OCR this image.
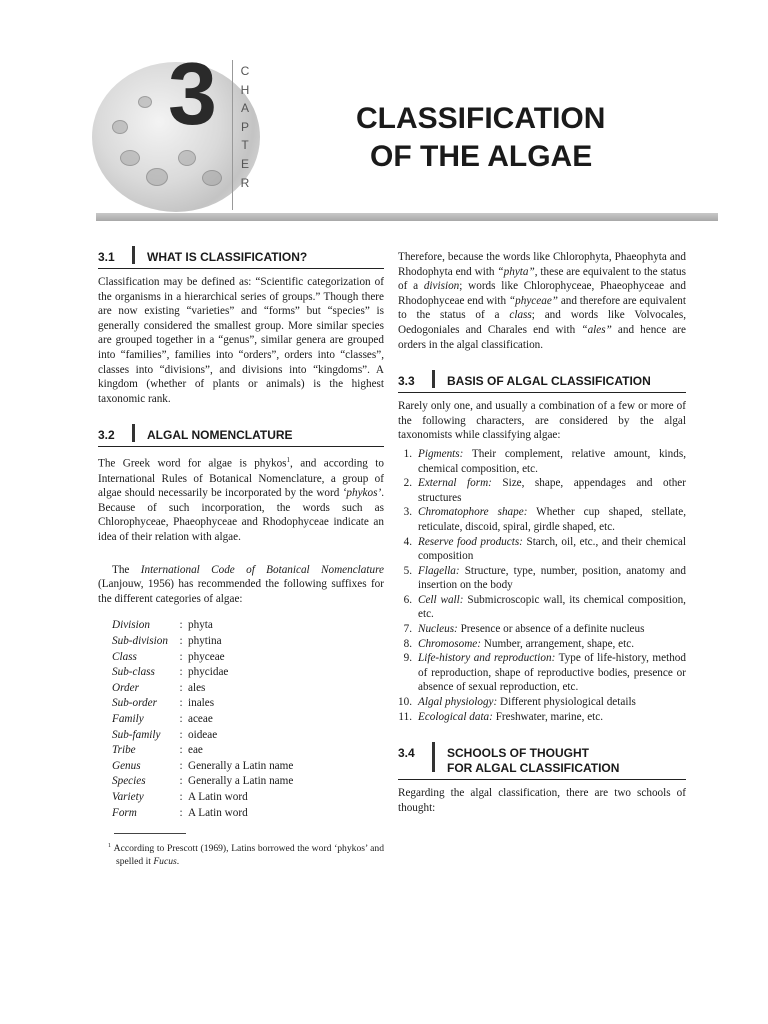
3 C
H
A
P
T
E
R
CLASSIFICATION
OF THE ALGAE
3.1	WHAT IS CLASSIFICATION?

Classification may be defined as: “Scientific categorization of the organisms in a hierarchical series of groups.” Though there are now existing “varieties” and “forms” but “species” is generally considered the smallest group. More similar species are grouped together in a “genus”, similar genera are grouped into “families”, families into “orders”, orders into “classes”, classes into “divisions”, and divisions into “kingdoms”. A kingdom (whether of plants or animals) is the highest taxonomic rank.

3.2	ALGAL NOMENCLATURE

The Greek word for algae is phykos$^1$, and according to International Rules of Botanical Nomenclature, a group of algae should necessarily be incorporated by the word ‘phykos’. Because of such incorporation, the words such as Chlorophyceae, Phaeophyceae and Rhodophyceae indicate an idea of their relation with algae.

The International Code of Botanical Nomenclature (Lanjouw, 1956) has recommended the following suffixes for the different categories of algae:

Division	:	phyta
Sub-division	:	phytina
Class	:	phyceae
Sub-class	:	phycidae
Order	:	ales
Sub-order	:	inales
Family	:	aceae
Sub-family	:	oideae
Tribe	:	eae
Genus	:	Generally a Latin name
Species	:	Generally a Latin name
Variety	:	A Latin word
Form	:	A Latin word

$^1$ According to Prescott (1969), Latins borrowed the word ‘phykos’ and spelled it Fucus.

Therefore, because the words like Chlorophyta, Phaeophyta and Rhodophyta end with “phyta”, these are equivalent to the status of a division; words like Chlorophyceae, Phaeophyceae and Rhodophyceae end with “phyceae” and therefore are equivalent to the status of a class; and words like Volvocales, Oedogoniales and Charales end with “ales” and hence are orders in the algal classification.

3.3	BASIS OF ALGAL CLASSIFICATION

Rarely only one, and usually a combination of a few or more of the following characters, are considered by the algal taxonomists while classifying algae:

1. Pigments: Their complement, relative amount, kinds, chemical composition, etc.
2. External form: Size, shape, appendages and other structures
3. Chromatophore shape: Whether cup shaped, stellate, reticulate, discoid, spiral, girdle shaped, etc.
4. Reserve food products: Starch, oil, etc., and their chemical composition
5. Flagella: Structure, type, number, position, anatomy and insertion on the body
6. Cell wall: Submicroscopic wall, its chemical composition, etc.
7. Nucleus: Presence or absence of a definite nucleus
8. Chromosome: Number, arrangement, shape, etc.
9. Life-history and reproduction: Type of life-history, method of reproduction, shape of reproductive bodies, presence or absence of sexual reproduction, etc.
10. Algal physiology: Different physiological details
11. Ecological data: Freshwater, marine, etc.
3.4	SCHOOLS OF THOUGHT
FOR ALGAL CLASSIFICATION

Regarding the algal classification, there are two schools of thought:
